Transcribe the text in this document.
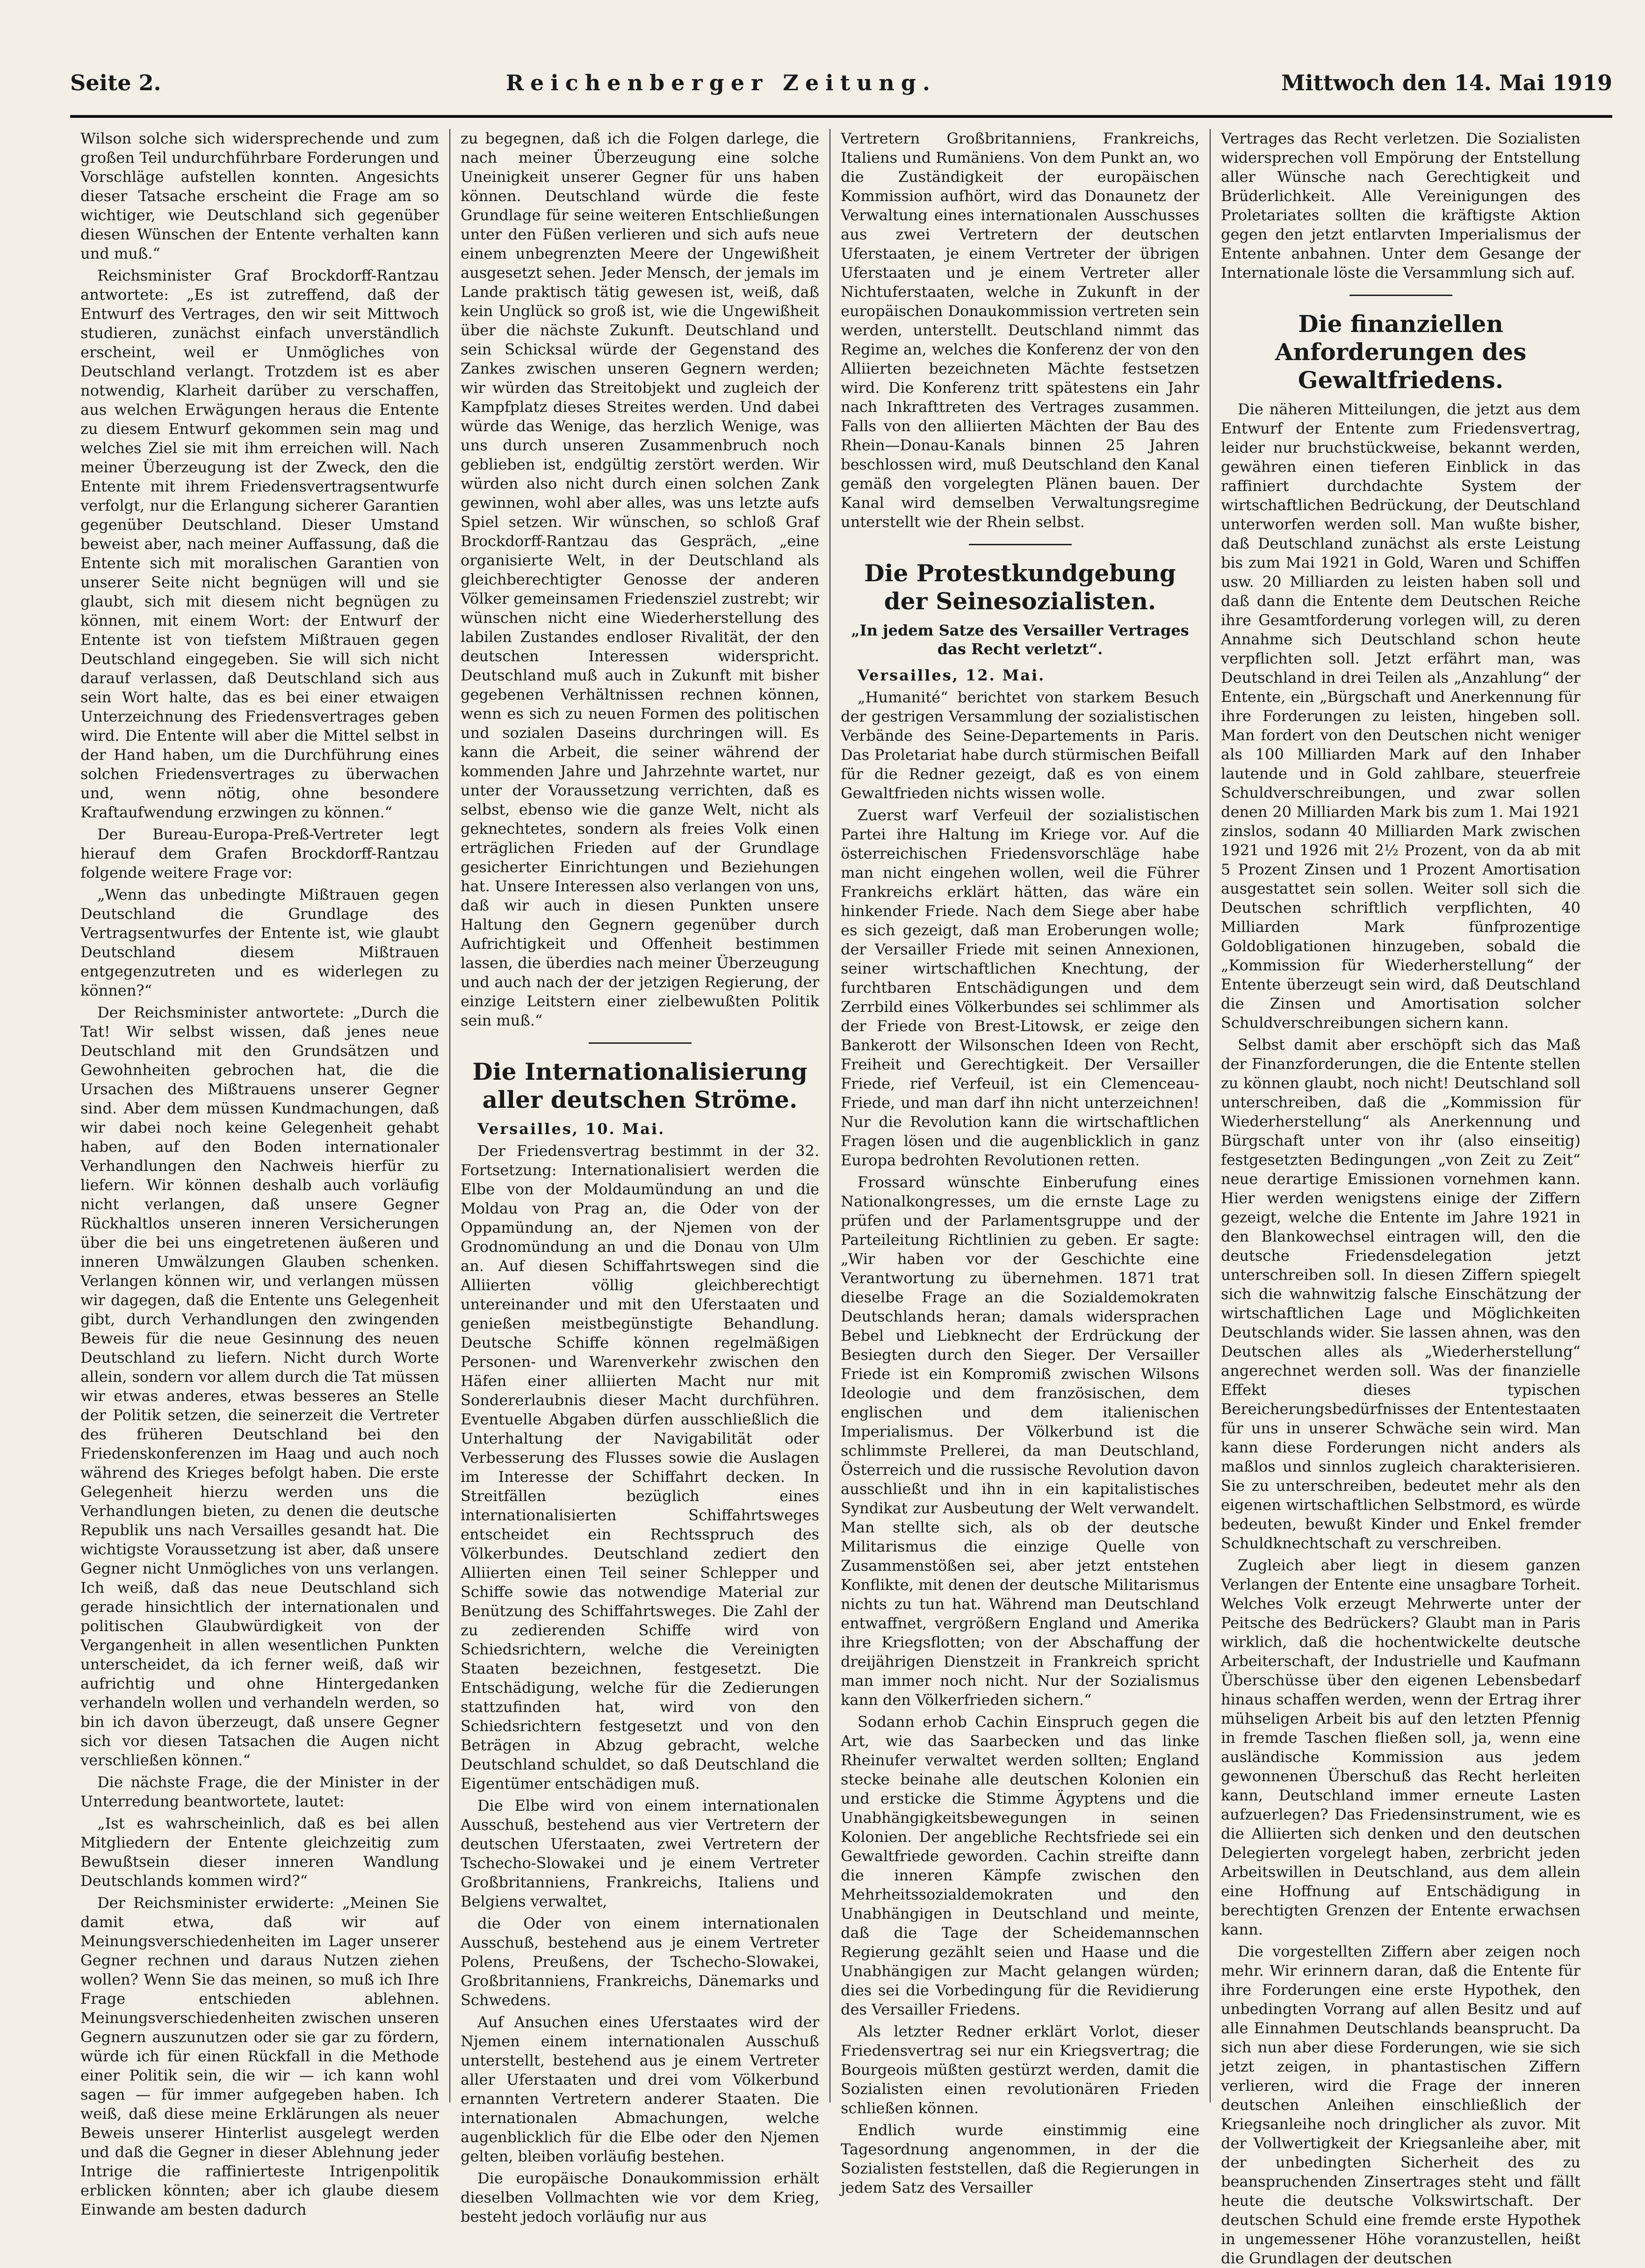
Seite 2.	Reichenberger Zeitung.	Mittwoch den 14. Mai 1919

Wilson solche sich widersprechende und zum großen Teil undurchführbare Forderungen und Vorschläge aufstellen konnten. Angesichts dieser Tatsache erscheint die Frage am so wichtiger, wie Deutschland sich gegenüber diesen Wünschen der Entente verhalten kann und muß.“

Reichsminister Graf Brockdorff-Rantzau antwortete: „Es ist zutreffend, daß der Entwurf des Vertrages, den wir seit Mittwoch studieren, zunächst einfach unverständlich erscheint, weil er Unmögliches von Deutschland verlangt. Trotzdem ist es aber notwendig, Klarheit darüber zu verschaffen, aus welchen Erwägungen heraus die Entente zu diesem Entwurf gekommen sein mag und welches Ziel sie mit ihm erreichen will. Nach meiner Überzeugung ist der Zweck, den die Entente mit ihrem Friedensvertragsentwurfe verfolgt, nur die Erlangung sicherer Garantien gegenüber Deutschland. Dieser Umstand beweist aber, nach meiner Auffassung, daß die Entente sich mit moralischen Garantien von unserer Seite nicht begnügen will und sie glaubt, sich mit diesem nicht begnügen zu können, mit einem Wort: der Entwurf der Entente ist von tiefstem Mißtrauen gegen Deutschland eingegeben. Sie will sich nicht darauf verlassen, daß Deutschland sich aus sein Wort halte, das es bei einer etwaigen Unterzeichnung des Friedensvertrages geben wird. Die Entente will aber die Mittel selbst in der Hand haben, um die Durchführung eines solchen Friedensvertrages zu überwachen und, wenn nötig, ohne besondere Kraftaufwendung erzwingen zu können.“

Der Bureau-Europa-Preß-Vertreter legt hierauf dem Grafen Brockdorff-Rantzau folgende weitere Frage vor:

„Wenn das unbedingte Mißtrauen gegen Deutschland die Grundlage des Vertragsentwurfes der Entente ist, wie glaubt Deutschland diesem Mißtrauen entgegenzutreten und es widerlegen zu können?“

Der Reichsminister antwortete: „Durch die Tat! Wir selbst wissen, daß jenes neue Deutschland mit den Grundsätzen und Gewohnheiten gebrochen hat, die die Ursachen des Mißtrauens unserer Gegner sind. Aber dem müssen Kundmachungen, daß wir dabei noch keine Gelegenheit gehabt haben, auf den Boden internationaler Verhandlungen den Nachweis hierfür zu liefern. Wir können deshalb auch vorläufig nicht verlangen, daß unsere Gegner Rückhaltlos unseren inneren Versicherungen über die bei uns eingetretenen äußeren und inneren Umwälzungen Glauben schenken. Verlangen können wir, und verlangen müssen wir dagegen, daß die Entente uns Gelegenheit gibt, durch Verhandlungen den zwingenden Beweis für die neue Gesinnung des neuen Deutschland zu liefern. Nicht durch Worte allein, sondern vor allem durch die Tat müssen wir etwas anderes, etwas besseres an Stelle der Politik setzen, die seinerzeit die Vertreter des früheren Deutschland bei den Friedenskonferenzen im Haag und auch noch während des Krieges befolgt haben. Die erste Gelegenheit hierzu werden uns die Verhandlungen bieten, zu denen die deutsche Republik uns nach Versailles gesandt hat. Die wichtigste Voraussetzung ist aber, daß unsere Gegner nicht Unmögliches von uns verlangen. Ich weiß, daß das neue Deutschland sich gerade hinsichtlich der internationalen und politischen Glaubwürdigkeit von der Vergangenheit in allen wesentlichen Punkten unterscheidet, da ich ferner weiß, daß wir aufrichtig und ohne Hintergedanken verhandeln wollen und verhandeln werden, so bin ich davon überzeugt, daß unsere Gegner sich vor diesen Tatsachen die Augen nicht verschließen können.“

Die nächste Frage, die der Minister in der Unterredung beantwortete, lautet:

„Ist es wahrscheinlich, daß es bei allen Mitgliedern der Entente gleichzeitig zum Bewußtsein dieser inneren Wandlung Deutschlands kommen wird?“

Der Reichsminister erwiderte: „Meinen Sie damit etwa, daß wir auf Meinungsverschiedenheiten im Lager unserer Gegner rechnen und daraus Nutzen ziehen wollen? Wenn Sie das meinen, so muß ich Ihre Frage entschieden ablehnen. Meinungsverschiedenheiten zwischen unseren Gegnern auszunutzen oder sie gar zu fördern, würde ich für einen Rückfall in die Methode einer Politik sein, die wir — ich kann wohl sagen — für immer aufgegeben haben. Ich weiß, daß diese meine Erklärungen als neuer Beweis unserer Hinterlist ausgelegt werden und daß die Gegner in dieser Ablehnung jeder Intrige die raffinierteste Intrigenpolitik erblicken könnten; aber ich glaube diesem Einwande am besten dadurch

zu begegnen, daß ich die Folgen darlege, die nach meiner Überzeugung eine solche Uneinigkeit unserer Gegner für uns haben können. Deutschland würde die feste Grundlage für seine weiteren Entschließungen unter den Füßen verlieren und sich aufs neue einem unbegrenzten Meere der Ungewißheit ausgesetzt sehen. Jeder Mensch, der jemals im Lande praktisch tätig gewesen ist, weiß, daß kein Unglück so groß ist, wie die Ungewißheit über die nächste Zukunft. Deutschland und sein Schicksal würde der Gegenstand des Zankes zwischen unseren Gegnern werden; wir würden das Streitobjekt und zugleich der Kampfplatz dieses Streites werden. Und dabei würde das Wenige, das herzlich Wenige, was uns durch unseren Zusammenbruch noch geblieben ist, endgültig zerstört werden. Wir würden also nicht durch einen solchen Zank gewinnen, wohl aber alles, was uns letzte aufs Spiel setzen. Wir wünschen, so schloß Graf Brockdorff-Rantzau das Gespräch, „eine organisierte Welt, in der Deutschland als gleichberechtigter Genosse der anderen Völker gemeinsamen Friedensziel zustrebt; wir wünschen nicht eine Wiederherstellung des labilen Zustandes endloser Rivalität, der den deutschen Interessen widerspricht. Deutschland muß auch in Zukunft mit bisher gegebenen Verhältnissen rechnen können, wenn es sich zu neuen Formen des politischen und sozialen Daseins durchringen will. Es kann die Arbeit, die seiner während der kommenden Jahre und Jahrzehnte wartet, nur unter der Voraussetzung verrichten, daß es selbst, ebenso wie die ganze Welt, nicht als geknechtetes, sondern als freies Volk einen erträglichen Frieden auf der Grundlage gesicherter Einrichtungen und Beziehungen hat. Unsere Interessen also verlangen von uns, daß wir auch in diesen Punkten unsere Haltung den Gegnern gegenüber durch Aufrichtigkeit und Offenheit bestimmen lassen, die überdies nach meiner Überzeugung und auch nach der der jetzigen Regierung, der einzige Leitstern einer zielbewußten Politik sein muß.“

Die Internationalisierung aller deutschen Ströme.

Versailles, 10. Mai.

Der Friedensvertrag bestimmt in der 32. Fortsetzung: Internationalisiert werden die Elbe von der Moldaumündung an und die Moldau von Prag an, die Oder von der Oppamündung an, der Njemen von der Grodnomündung an und die Donau von Ulm an. Auf diesen Schiffahrtswegen sind die Alliierten völlig gleichberechtigt untereinander und mit den Uferstaaten und genießen meistbegünstigte Behandlung. Deutsche Schiffe können regelmäßigen Personen- und Warenverkehr zwischen den Häfen einer alliierten Macht nur mit Sondererlaubnis dieser Macht durchführen. Eventuelle Abgaben dürfen ausschließlich die Unterhaltung der Navigabilität oder Verbesserung des Flusses sowie die Auslagen im Interesse der Schiffahrt decken. In Streitfällen bezüglich eines internationalisierten Schiffahrtsweges entscheidet ein Rechtsspruch des Völkerbundes. Deutschland zediert den Alliierten einen Teil seiner Schlepper und Schiffe sowie das notwendige Material zur Benützung des Schiffahrtsweges. Die Zahl der zu zedierenden Schiffe wird von Schiedsrichtern, welche die Vereinigten Staaten bezeichnen, festgesetzt. Die Entschädigung, welche für die Zedierungen stattzufinden hat, wird von den Schiedsrichtern festgesetzt und von den Beträgen in Abzug gebracht, welche Deutschland schuldet, so daß Deutschland die Eigentümer entschädigen muß.

Die Elbe wird von einem internationalen Ausschuß, bestehend aus vier Vertretern der deutschen Uferstaaten, zwei Vertretern der Tschecho-Slowakei und je einem Vertreter Großbritanniens, Frankreichs, Italiens und Belgiens verwaltet,

die Oder von einem internationalen Ausschuß, bestehend aus je einem Vertreter Polens, Preußens, der Tschecho-Slowakei, Großbritanniens, Frankreichs, Dänemarks und Schwedens.

Auf Ansuchen eines Uferstaates wird der Njemen einem internationalen Ausschuß unterstellt, bestehend aus je einem Vertreter aller Uferstaaten und drei vom Völkerbund ernannten Vertretern anderer Staaten. Die internationalen Abmachungen, welche augenblicklich für die Elbe oder den Njemen gelten, bleiben vorläufig bestehen.

Die europäische Donaukommission erhält dieselben Vollmachten wie vor dem Krieg, besteht jedoch vorläufig nur aus

Vertretern Großbritanniens, Frankreichs, Italiens und Rumäniens. Von dem Punkt an, wo die Zuständigkeit der europäischen Kommission aufhört, wird das Donaunetz der Verwaltung eines internationalen Ausschusses aus zwei Vertretern der deutschen Uferstaaten, je einem Vertreter der übrigen Uferstaaten und je einem Vertreter aller Nichtuferstaaten, welche in Zukunft in der europäischen Donaukommission vertreten sein werden, unterstellt. Deutschland nimmt das Regime an, welches die Konferenz der von den Alliierten bezeichneten Mächte festsetzen wird. Die Konferenz tritt spätestens ein Jahr nach Inkrafttreten des Vertrages zusammen. Falls von den alliierten Mächten der Bau des Rhein—Donau-Kanals binnen 25 Jahren beschlossen wird, muß Deutschland den Kanal gemäß den vorgelegten Plänen bauen. Der Kanal wird demselben Verwaltungsregime unterstellt wie der Rhein selbst.

Die Protestkundgebung der Seinesozialisten.
„In jedem Satze des Versailler Vertrages das Recht verletzt“.

Versailles, 12. Mai.

„Humanité“ berichtet von starkem Besuch der gestrigen Versammlung der sozialistischen Verbände des Seine-Departements in Paris. Das Proletariat habe durch stürmischen Beifall für die Redner gezeigt, daß es von einem Gewaltfrieden nichts wissen wolle.

Zuerst warf Verfeuil der sozialistischen Partei ihre Haltung im Kriege vor. Auf die österreichischen Friedensvorschläge habe man nicht eingehen wollen, weil die Führer Frankreichs erklärt hätten, das wäre ein hinkender Friede. Nach dem Siege aber habe es sich gezeigt, daß man Eroberungen wolle; der Versailler Friede mit seinen Annexionen, seiner wirtschaftlichen Knechtung, der furchtbaren Entschädigungen und dem Zerrbild eines Völkerbundes sei schlimmer als der Friede von Brest-Litowsk, er zeige den Bankerott der Wilsonschen Ideen von Recht, Freiheit und Gerechtigkeit. Der Versailler Friede, rief Verfeuil, ist ein Clemenceau-Friede, und man darf ihn nicht unterzeichnen! Nur die Revolution kann die wirtschaftlichen Fragen lösen und die augenblicklich in ganz Europa bedrohten Revolutionen retten.

Frossard wünschte Einberufung eines Nationalkongresses, um die ernste Lage zu prüfen und der Parlamentsgruppe und der Parteileitung Richtlinien zu geben. Er sagte: „Wir haben vor der Geschichte eine Verantwortung zu übernehmen. 1871 trat dieselbe Frage an die Sozialdemokraten Deutschlands heran; damals widersprachen Bebel und Liebknecht der Erdrückung der Besiegten durch den Sieger. Der Versailler Friede ist ein Kompromiß zwischen Wilsons Ideologie und dem französischen, dem englischen und dem italienischen Imperialismus. Der Völkerbund ist die schlimmste Prellerei, da man Deutschland, Österreich und die russische Revolution davon ausschließt und ihn in ein kapitalistisches Syndikat zur Ausbeutung der Welt verwandelt. Man stellte sich, als ob der deutsche Militarismus die einzige Quelle von Zusammenstößen sei, aber jetzt entstehen Konflikte, mit denen der deutsche Militarismus nichts zu tun hat. Während man Deutschland entwaffnet, vergrößern England und Amerika ihre Kriegsflotten; von der Abschaffung der dreijährigen Dienstzeit in Frankreich spricht man immer noch nicht. Nur der Sozialismus kann den Völkerfrieden sichern.“

Sodann erhob Cachin Einspruch gegen die Art, wie das Saarbecken und das linke Rheinufer verwaltet werden sollten; England stecke beinahe alle deutschen Kolonien ein und ersticke die Stimme Ägyptens und die Unabhängigkeitsbewegungen in seinen Kolonien. Der angebliche Rechtsfriede sei ein Gewaltfriede geworden. Cachin streifte dann die inneren Kämpfe zwischen den Mehrheitssozialdemokraten und den Unabhängigen in Deutschland und meinte, daß die Tage der Scheidemannschen Regierung gezählt seien und Haase und die Unabhängigen zur Macht gelangen würden; dies sei die Vorbedingung für die Revidierung des Versailler Friedens.

Als letzter Redner erklärt Vorlot, dieser Friedensvertrag sei nur ein Kriegsvertrag; die Bourgeois müßten gestürzt werden, damit die Sozialisten einen revolutionären Frieden schließen können.

Endlich wurde einstimmig eine Tagesordnung angenommen, in der die Sozialisten feststellen, daß die Regierungen in jedem Satz des Versailler

Vertrages das Recht verletzen. Die Sozialisten widersprechen voll Empörung der Entstellung aller Wünsche nach Gerechtigkeit und Brüderlichkeit. Alle Vereinigungen des Proletariates sollten die kräftigste Aktion gegen den jetzt entlarvten Imperialismus der Entente anbahnen. Unter dem Gesange der Internationale löste die Versammlung sich auf.

Die finanziellen Anforderungen des Gewaltfriedens.

Die näheren Mitteilungen, die jetzt aus dem Entwurf der Entente zum Friedensvertrag, leider nur bruchstückweise, bekannt werden, gewähren einen tieferen Einblick in das raffiniert durchdachte System der wirtschaftlichen Bedrückung, der Deutschland unterworfen werden soll. Man wußte bisher, daß Deutschland zunächst als erste Leistung bis zum Mai 1921 in Gold, Waren und Schiffen usw. 20 Milliarden zu leisten haben soll und daß dann die Entente dem Deutschen Reiche ihre Gesamtforderung vorlegen will, zu deren Annahme sich Deutschland schon heute verpflichten soll. Jetzt erfährt man, was Deutschland in drei Teilen als „Anzahlung“ der Entente, ein „Bürgschaft und Anerkennung für ihre Forderungen zu leisten, hingeben soll. Man fordert von den Deutschen nicht weniger als 100 Milliarden Mark auf den Inhaber lautende und in Gold zahlbare, steuerfreie Schuldverschreibungen, und zwar sollen denen 20 Milliarden Mark bis zum 1. Mai 1921 zinslos, sodann 40 Milliarden Mark zwischen 1921 und 1926 mit 2½ Prozent, von da ab mit 5 Prozent Zinsen und 1 Prozent Amortisation ausgestattet sein sollen. Weiter soll sich die Deutschen schriftlich verpflichten, 40 Milliarden Mark fünfprozentige Goldobligationen hinzugeben, sobald die „Kommission für Wiederherstellung“ der Entente überzeugt sein wird, daß Deutschland die Zinsen und Amortisation solcher Schuldverschreibungen sichern kann.

Selbst damit aber erschöpft sich das Maß der Finanzforderungen, die die Entente stellen zu können glaubt, noch nicht! Deutschland soll unterschreiben, daß die „Kommission für Wiederherstellung“ als Anerkennung und Bürgschaft unter von ihr (also einseitig) festgesetzten Bedingungen „von Zeit zu Zeit“ neue derartige Emissionen vornehmen kann. Hier werden wenigstens einige der Ziffern gezeigt, welche die Entente im Jahre 1921 in den Blankowechsel eintragen will, den die deutsche Friedensdelegation jetzt unterschreiben soll. In diesen Ziffern spiegelt sich die wahnwitzig falsche Einschätzung der wirtschaftlichen Lage und Möglichkeiten Deutschlands wider. Sie lassen ahnen, was den Deutschen alles als „Wiederherstellung“ angerechnet werden soll. Was der finanzielle Effekt dieses typischen Bereicherungsbedürfnisses der Ententestaaten für uns in unserer Schwäche sein wird. Man kann diese Forderungen nicht anders als maßlos und sinnlos zugleich charakterisieren. Sie zu unterschreiben, bedeutet mehr als den eigenen wirtschaftlichen Selbstmord, es würde bedeuten, bewußt Kinder und Enkel fremder Schuldknechtschaft zu verschreiben.

Zugleich aber liegt in diesem ganzen Verlangen der Entente eine unsagbare Torheit. Welches Volk erzeugt Mehrwerte unter der Peitsche des Bedrückers? Glaubt man in Paris wirklich, daß die hochentwickelte deutsche Arbeiterschaft, der Industrielle und Kaufmann Überschüsse über den eigenen Lebensbedarf hinaus schaffen werden, wenn der Ertrag ihrer mühseligen Arbeit bis auf den letzten Pfennig in fremde Taschen fließen soll, ja, wenn eine ausländische Kommission aus jedem gewonnenen Überschuß das Recht herleiten kann, Deutschland immer erneute Lasten aufzuerlegen? Das Friedensinstrument, wie es die Alliierten sich denken und den deutschen Delegierten vorgelegt haben, zerbricht jeden Arbeitswillen in Deutschland, aus dem allein eine Hoffnung auf Entschädigung in berechtigten Grenzen der Entente erwachsen kann.

Die vorgestellten Ziffern aber zeigen noch mehr. Wir erinnern daran, daß die Entente für ihre Forderungen eine erste Hypothek, den unbedingten Vorrang auf allen Besitz und auf alle Einnahmen Deutschlands beansprucht. Da sich nun aber diese Forderungen, wie sie sich jetzt zeigen, in phantastischen Ziffern verlieren, wird die Frage der inneren deutschen Anleihen einschließlich der Kriegsanleihe noch dringlicher als zuvor. Mit der Vollwertigkeit der Kriegsanleihe aber, mit der unbedingten Sicherheit des zu beanspruchenden Zinsertrages steht und fällt heute die deutsche Volkswirtschaft. Der deutschen Schuld eine fremde erste Hypothek in ungemessener Höhe voranzustellen, heißt die Grundlagen der deutschen
